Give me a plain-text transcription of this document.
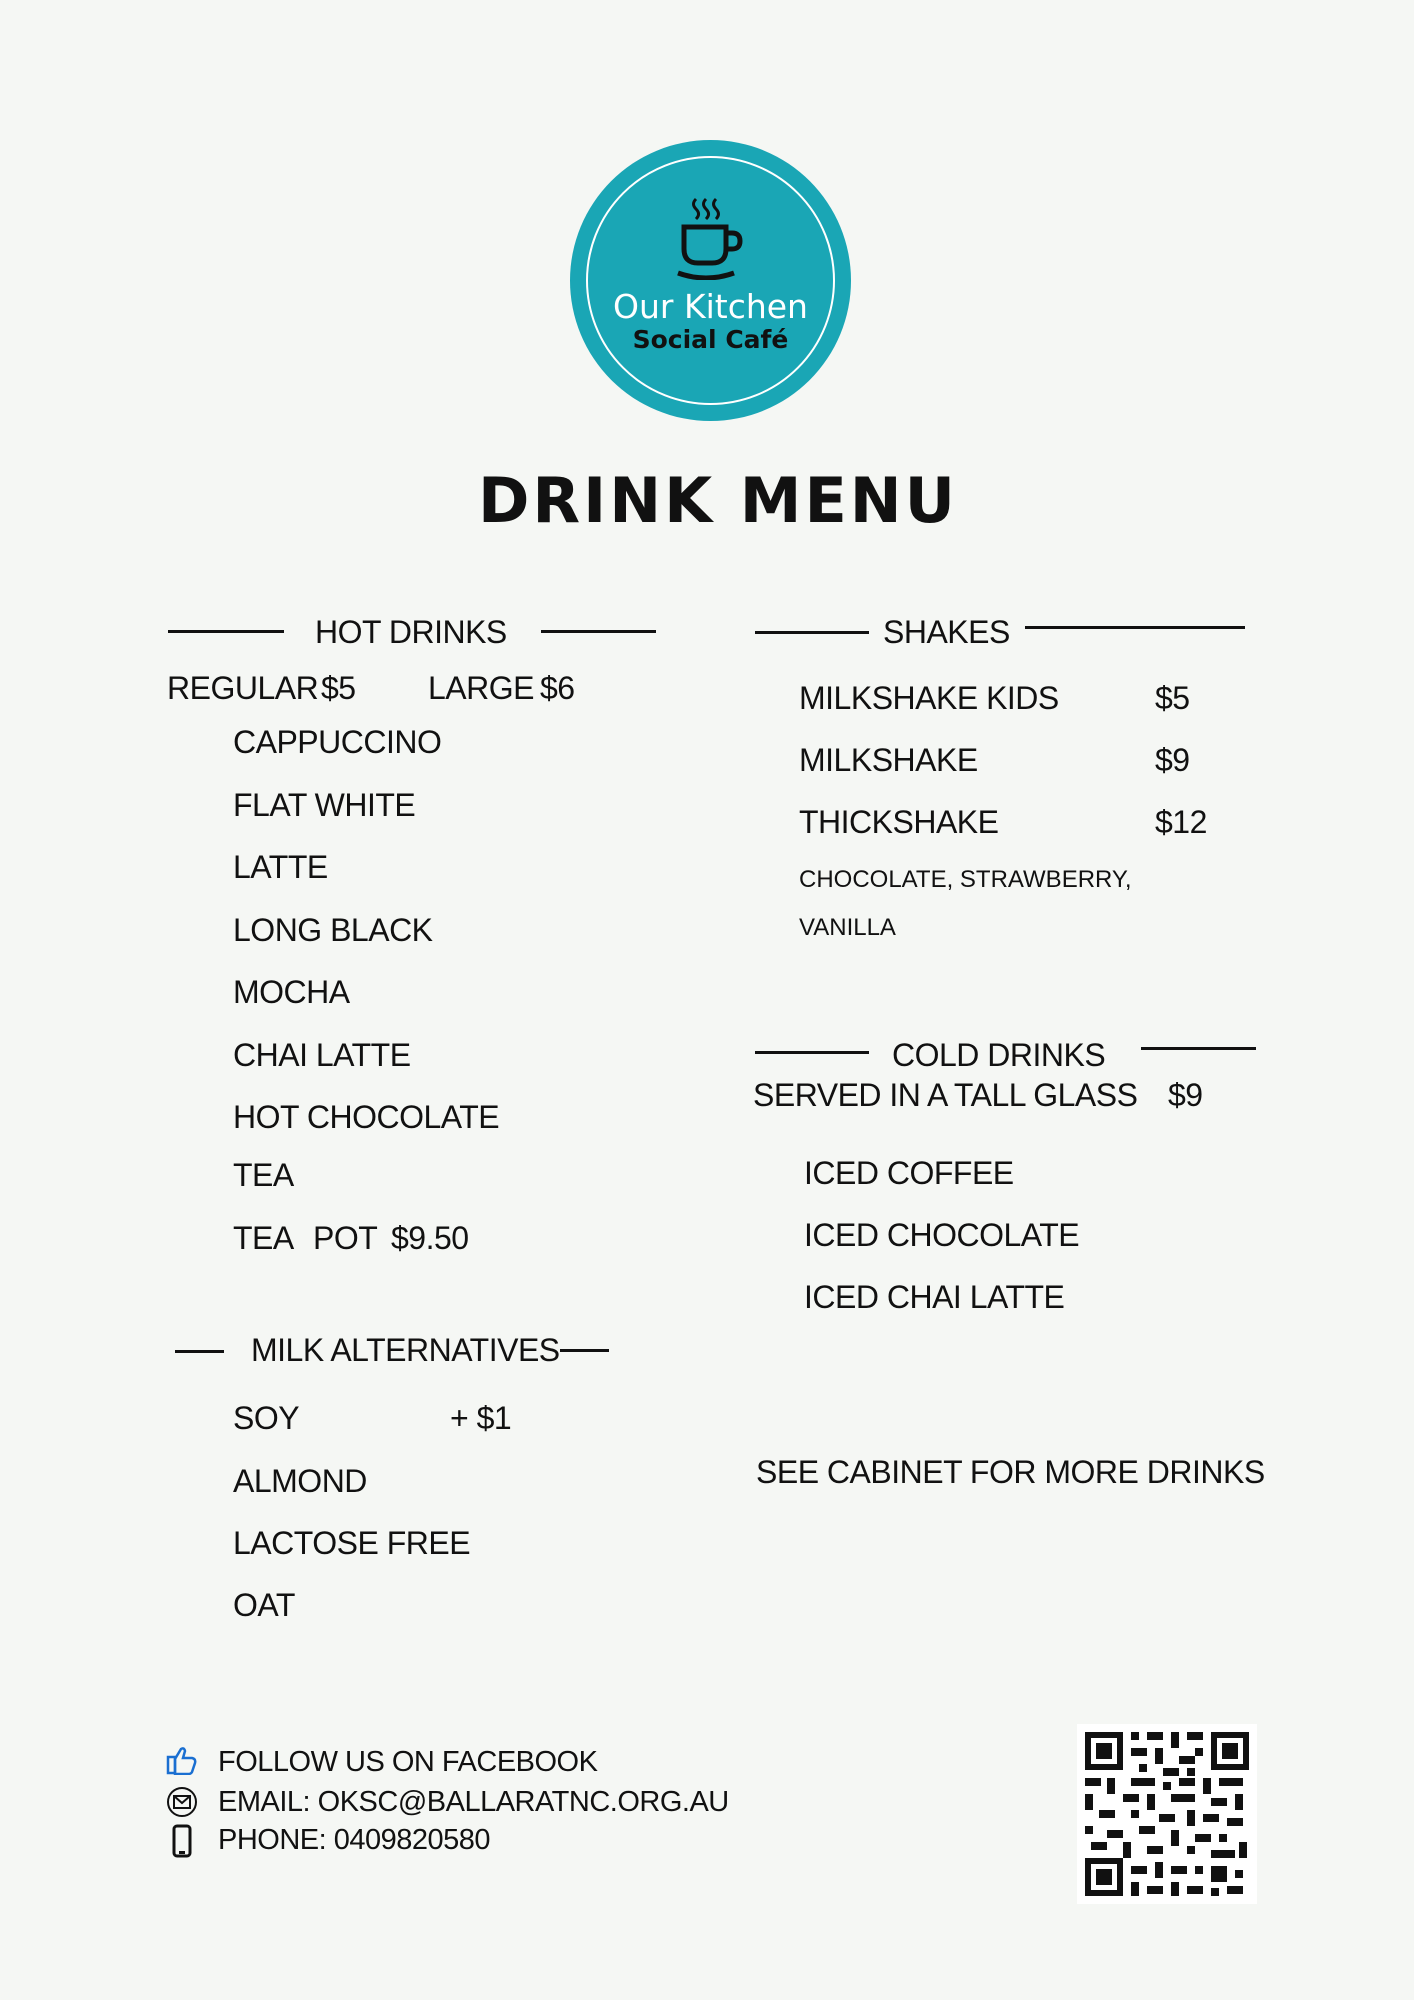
Our Kitchen
Social Café
DRINK MENU
HOT DRINKS
REGULAR $5 LARGE $6
CAPPUCCINO
FLAT WHITE
LATTE
LONG BLACK
MOCHA
CHAI LATTE
HOT CHOCOLATE
TEA
TEA POT $9.50
MILK ALTERNATIVES
SOY	+ $1
ALMOND
LACTOSE FREE
OAT
SHAKES
MILKSHAKE KIDS	$5
MILKSHAKE	$9
THICKSHAKE	$12
CHOCOLATE, STRAWBERRY,
VANILLA
COLD DRINKS
SERVED IN A TALL GLASS $9
ICED COFFEE
ICED CHOCOLATE
ICED CHAI LATTE
SEE CABINET FOR MORE DRINKS
FOLLOW US ON FACEBOOK
EMAIL: OKSC@BALLARATNC.ORG.AU
PHONE: 0409820580
